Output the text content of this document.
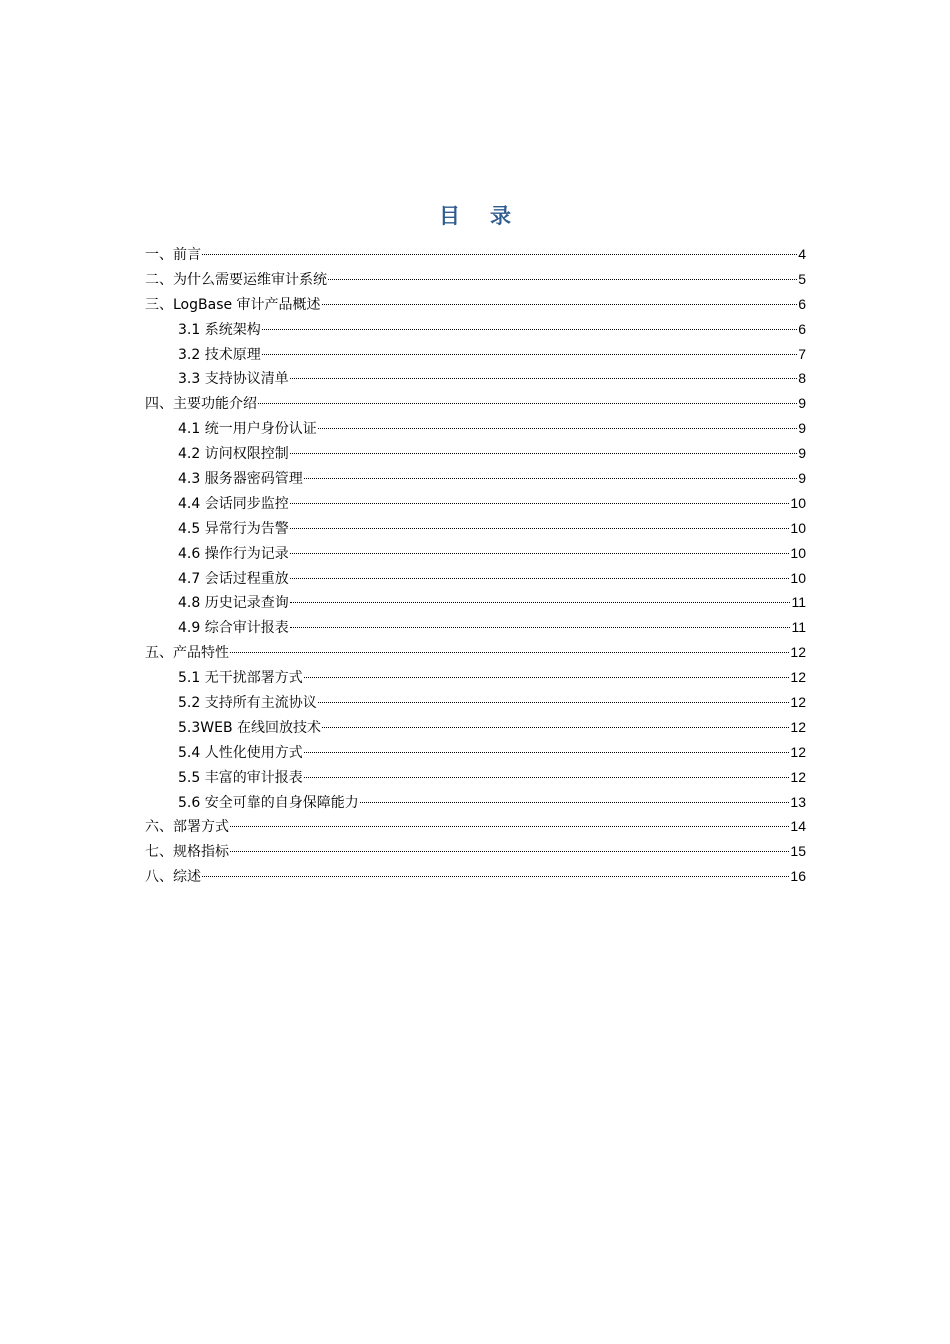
目录
一、前言	4
二、为什么需要运维审计系统	5
三、LogBase 审计产品概述	6
3.1 系统架构	6
3.2 技术原理	7
3.3 支持协议清单	8
四、主要功能介绍	9
4.1 统一用户身份认证	9
4.2 访问权限控制	9
4.3 服务器密码管理	9
4.4 会话同步监控	10
4.5 异常行为告警	10
4.6 操作行为记录	10
4.7 会话过程重放	10
4.8 历史记录查询	11
4.9 综合审计报表	11
五、产品特性	12
5.1 无干扰部署方式	12
5.2 支持所有主流协议	12
5.3WEB 在线回放技术	12
5.4 人性化使用方式	12
5.5 丰富的审计报表	12
5.6 安全可靠的自身保障能力	13
六、部署方式	14
七、规格指标	15
八、综述	16
